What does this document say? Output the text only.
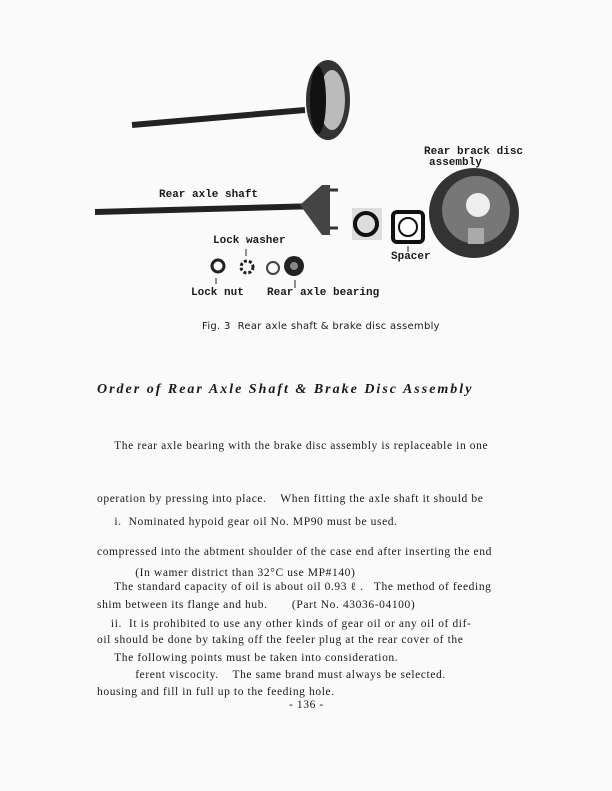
Rear brack disc
assembly
Rear axle shaft
Lock washer
Spacer
Lock nut Rear axle bearing
Fig. 3  Rear axle shaft & brake disc assembly
Order of Rear Axle Shaft & Brake Disc Assembly

The rear axle bearing with the brake disc assembly is replaceable in one

operation by pressing into place.    When fitting the axle shaft it should be

compressed into the abtment shoulder of the case end after inserting the end

shim between its flange and hub.       (Part No. 43036-04100)

The following points must be taken into consideration.

i.  Nominated hypoid gear oil No. MP90 must be used.

(In wamer district than 32°C use MP#140)

ii.  It is prohibited to use any other kinds of gear oil or any oil of dif-

ferent viscocity.    The same brand must always be selected.

The standard capacity of oil is about oil 0.93 ℓ .   The method of feeding

oil should be done by taking off the feeler plug at the rear cover of the

housing and fill in full up to the feeding hole.

- 136 -
